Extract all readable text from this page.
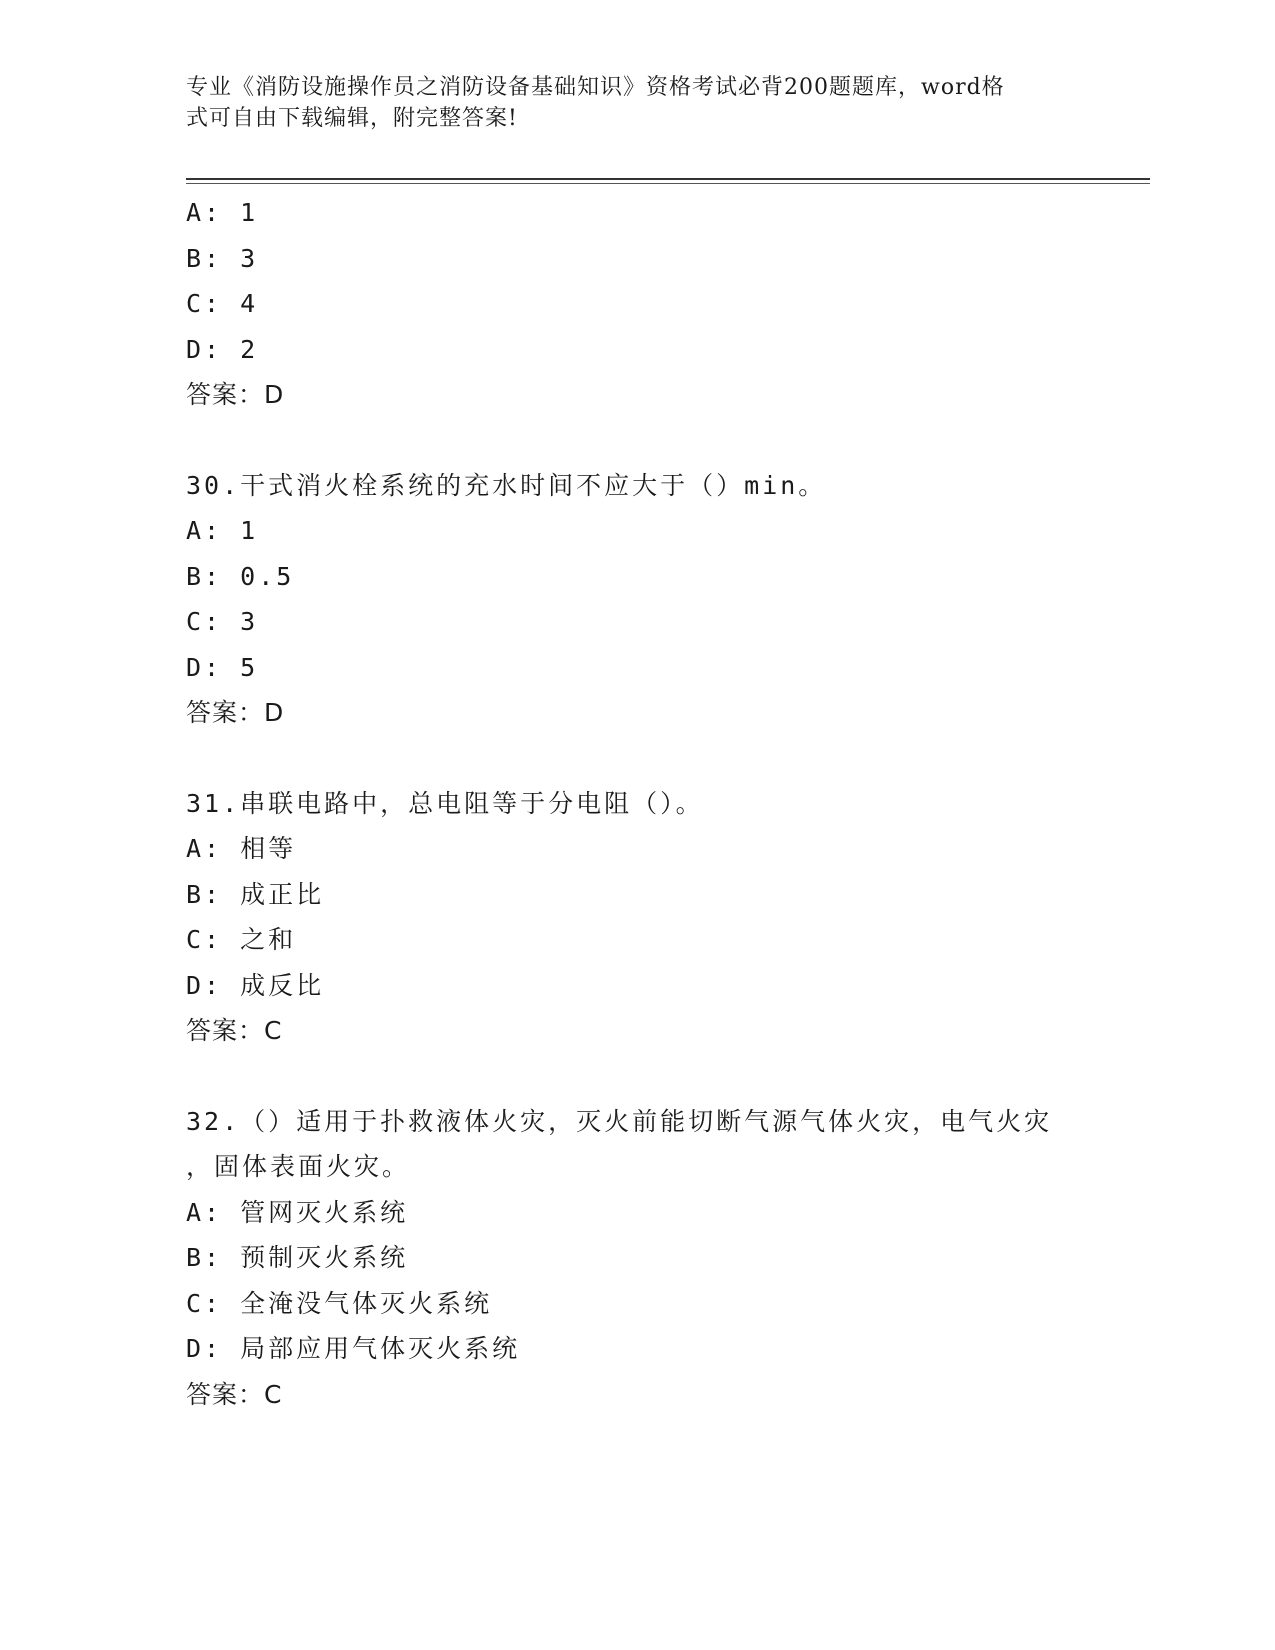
专业《消防设施操作员之消防设备基础知识》资格考试必背200题题库，word格
式可自由下载编辑，附完整答案!
A: 1
B: 3
C: 4
D: 2
答案：D
30.干式消火栓系统的充水时间不应大于（）min。
A: 1
B: 0.5
C: 3
D: 5
答案：D
31.串联电路中，总电阻等于分电阻（）。
A: 相等
B: 成正比
C: 之和
D: 成反比
答案：C
32.（）适用于扑救液体火灾，灭火前能切断气源气体火灾，电气火灾
，固体表面火灾。
A: 管网灭火系统
B: 预制灭火系统
C: 全淹没气体灭火系统
D: 局部应用气体灭火系统
答案：C
